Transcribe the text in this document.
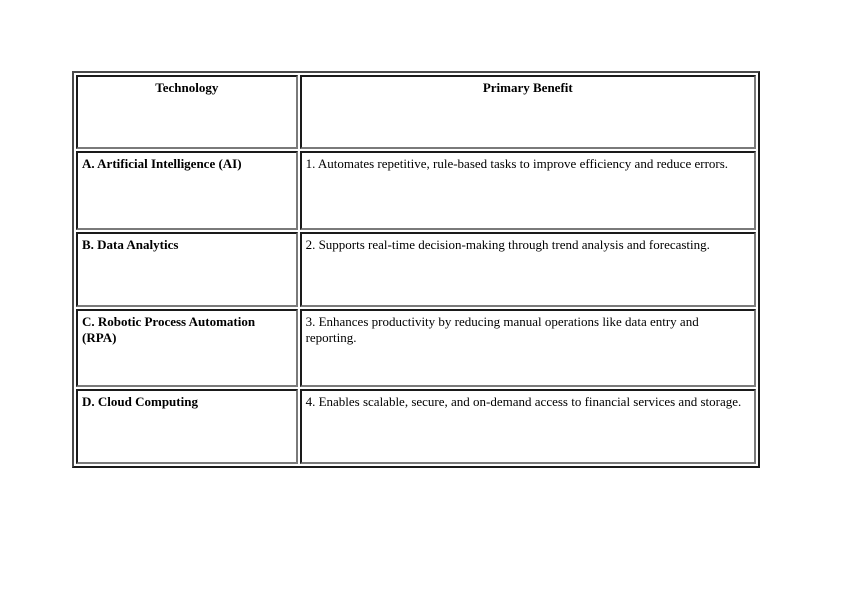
Technology	Primary Benefit
A. Artificial Intelligence (AI)	1. Automates repetitive, rule-based tasks to improve efficiency and reduce errors.
B. Data Analytics	2. Supports real-time decision-making through trend analysis and forecasting.
C. Robotic Process Automation (RPA)	3. Enhances productivity by reducing manual operations like data entry and reporting.
D. Cloud Computing	4. Enables scalable, secure, and on-demand access to financial services and storage.
